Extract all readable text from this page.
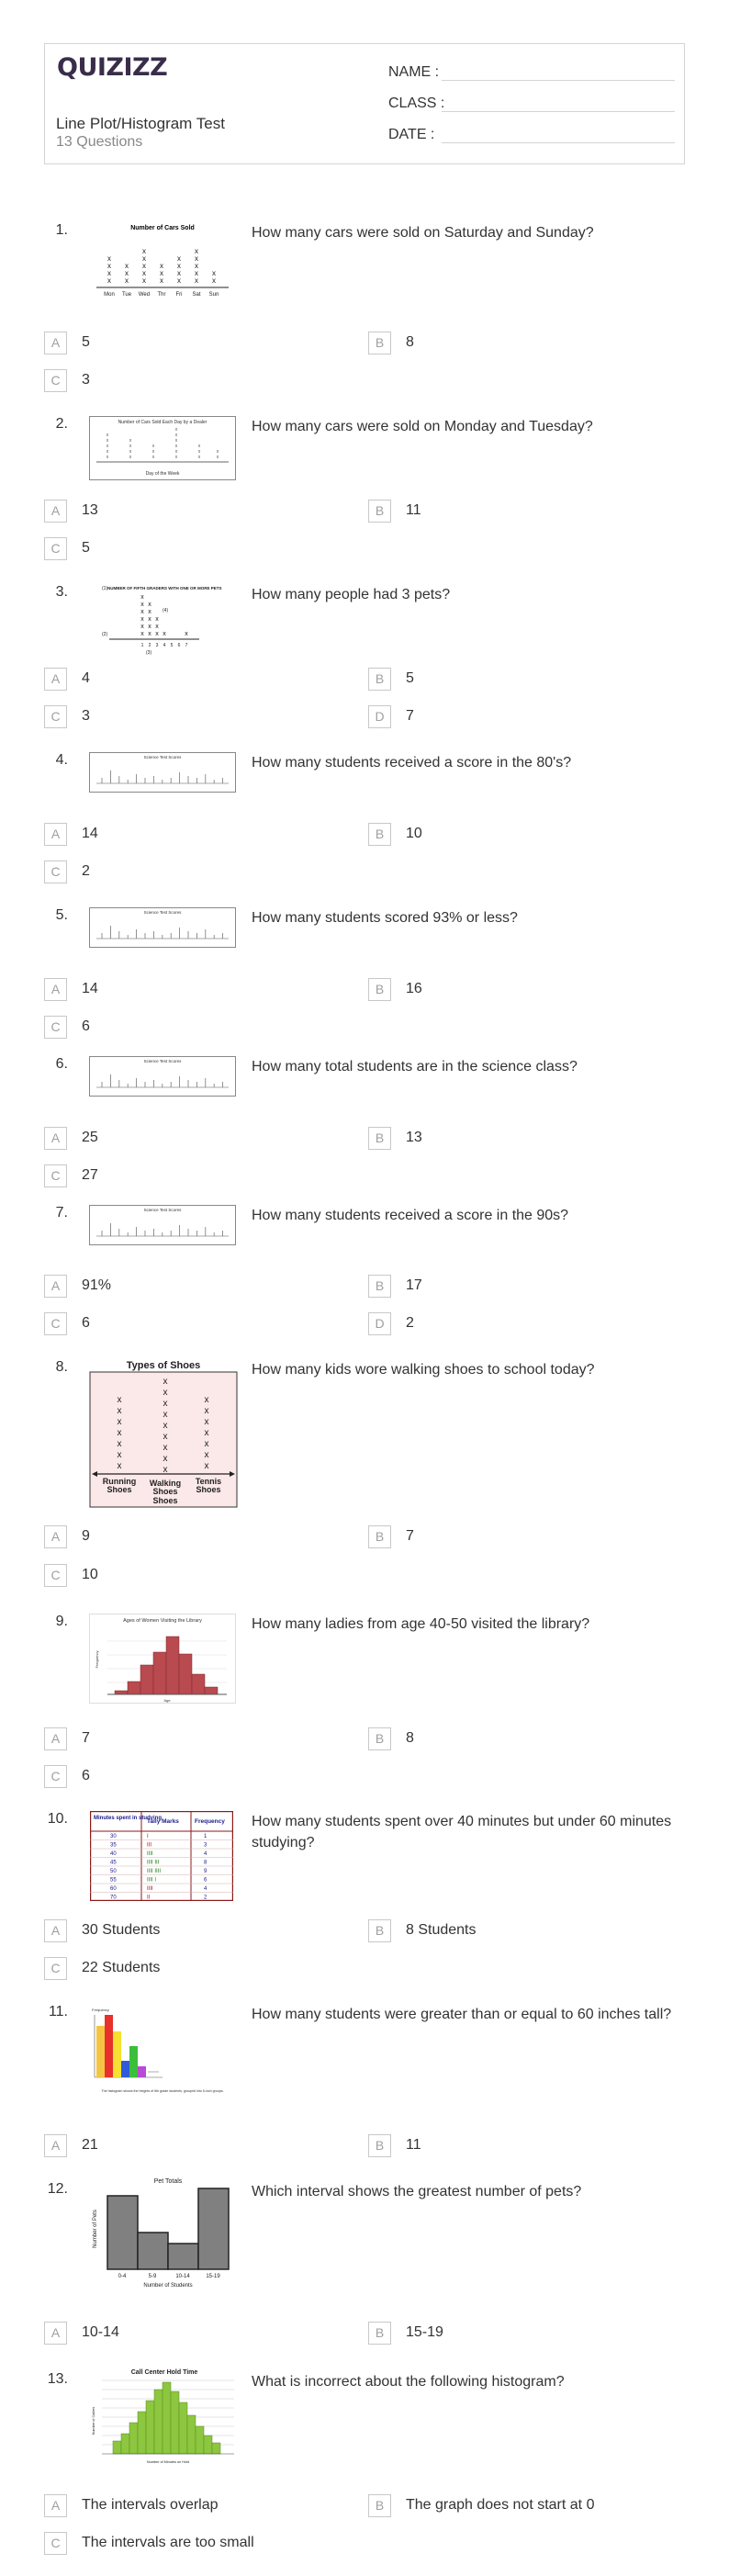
QUIZIZZ
Line Plot/Histogram Test
13 Questions
NAME :
CLASS :
DATE :
1.	How many cars were sold on Saturday and Sunday?
Number of Cars Sold
x
x
x
x
x
x
x
x
x
x
x
x
x
x
x
x
x
x
x
x
x
x
x
x
x
x
Mon Tue Wed Thr Fri Sat Sun
A	5	B	8
C	3
2.	How many cars were sold on Monday and Tuesday?
Number of Cars Sold Each Day by a Dealer
x
x
x
x
x
x
x
x
x
x
x
x
x
x
x
x
x
x
x
x
x
x
x
Day of the Week
A	13	B	11
C	5
3.	How many people had 3 pets?
(1) NUMBER OF FIFTH GRADERS WITH ONE OR MORE PETS
x
x
x
x
x
x
x
x
x
x
x
x
x
x
x	x
(2)
1 2 3 4 5 6 7
(3)
(4)
A	4	B	5
C	3	D	7
4.	How many students received a score in the 80's?
Science Test Scores
A	14	B	10
C	2
5.	How many students scored 93% or less?
Science Test Scores
A	14	B	16
C	6
6.	How many total students are in the science class?
Science Test Scores
A	25	B	13
C	27
7.	How many students received a score in the 90s?
Science Test Scores
A	91%	B	17
C	6	D	2
8.	How many kids wore walking shoes to school today?
Types of Shoes
x
x
x
x
x
x
x
x
x
x
x
x
x
x
x
x
x
x
x
x
x
x
x
Running
Shoes
Walking
Shoes
Tennis
Shoes
Shoes
A	9	B	7
C	10
9.	How many ladies from age 40-50 visited the library?
Ages of Women Visiting the Library
Frequency
Age
A	7	B	8
C	6
10.	How many students spent over 40 minutes but under 60 minutes studying?
Minutes spent in studying
Tally Marks	Frequency
30	I	1
35	III	3
40	IIII	4
45	IIII III	8
50	IIII IIII	9
55	IIII I	6
60	IIII	4
70	II	2
A	30 Students	B	8 Students
C	22 Students
11.	How many students were greater than or equal to 60 inches tall?
Frequency
The histogram shows the heights of 6th grade students, grouped into 5-inch groups.
A	21	B	11
12.	Which interval shows the greatest number of pets?
Pet Totals
Number of Pets
0-4	5-9	10-14	15-19
Number of Students
A	10-14	B	15-19
13.	What is incorrect about the following histogram?
Call Center Hold Time
Number of Callers
Number of Minutes on Hold
A	The intervals overlap	B	The graph does not start at 0
C	The intervals are too small
